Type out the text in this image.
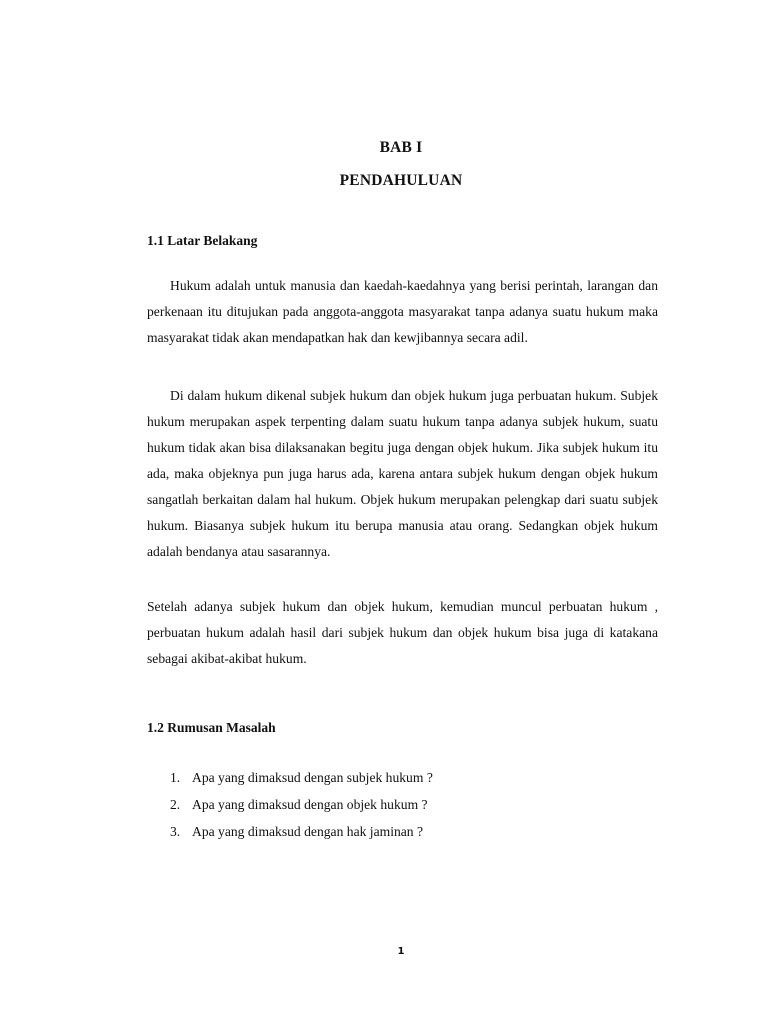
BAB I
PENDAHULUAN
1.1 Latar Belakang

Hukum adalah untuk manusia dan kaedah-kaedahnya yang berisi perintah, larangan dan perkenaan itu ditujukan pada anggota-anggota masyarakat tanpa adanya suatu hukum maka masyarakat tidak akan mendapatkan hak dan kewjibannya secara adil.

Di dalam hukum dikenal subjek hukum dan objek hukum juga perbuatan hukum. Subjek hukum merupakan aspek terpenting dalam suatu hukum tanpa adanya subjek hukum, suatu hukum tidak akan bisa dilaksanakan begitu juga dengan objek hukum. Jika subjek hukum itu ada, maka objeknya pun juga harus ada, karena antara subjek hukum dengan objek hukum sangatlah berkaitan dalam hal hukum. Objek hukum merupakan pelengkap dari suatu subjek hukum. Biasanya subjek hukum itu berupa manusia atau orang. Sedangkan objek hukum adalah bendanya atau sasarannya.

Setelah adanya subjek hukum dan objek hukum, kemudian muncul perbuatan hukum , perbuatan hukum adalah hasil dari subjek hukum dan objek hukum bisa juga di katakana sebagai akibat-akibat hukum.

1.2 Rumusan Masalah
1. Apa yang dimaksud dengan subjek hukum ?
2. Apa yang dimaksud dengan objek hukum ?
3. Apa yang dimaksud dengan hak jaminan ?
1
